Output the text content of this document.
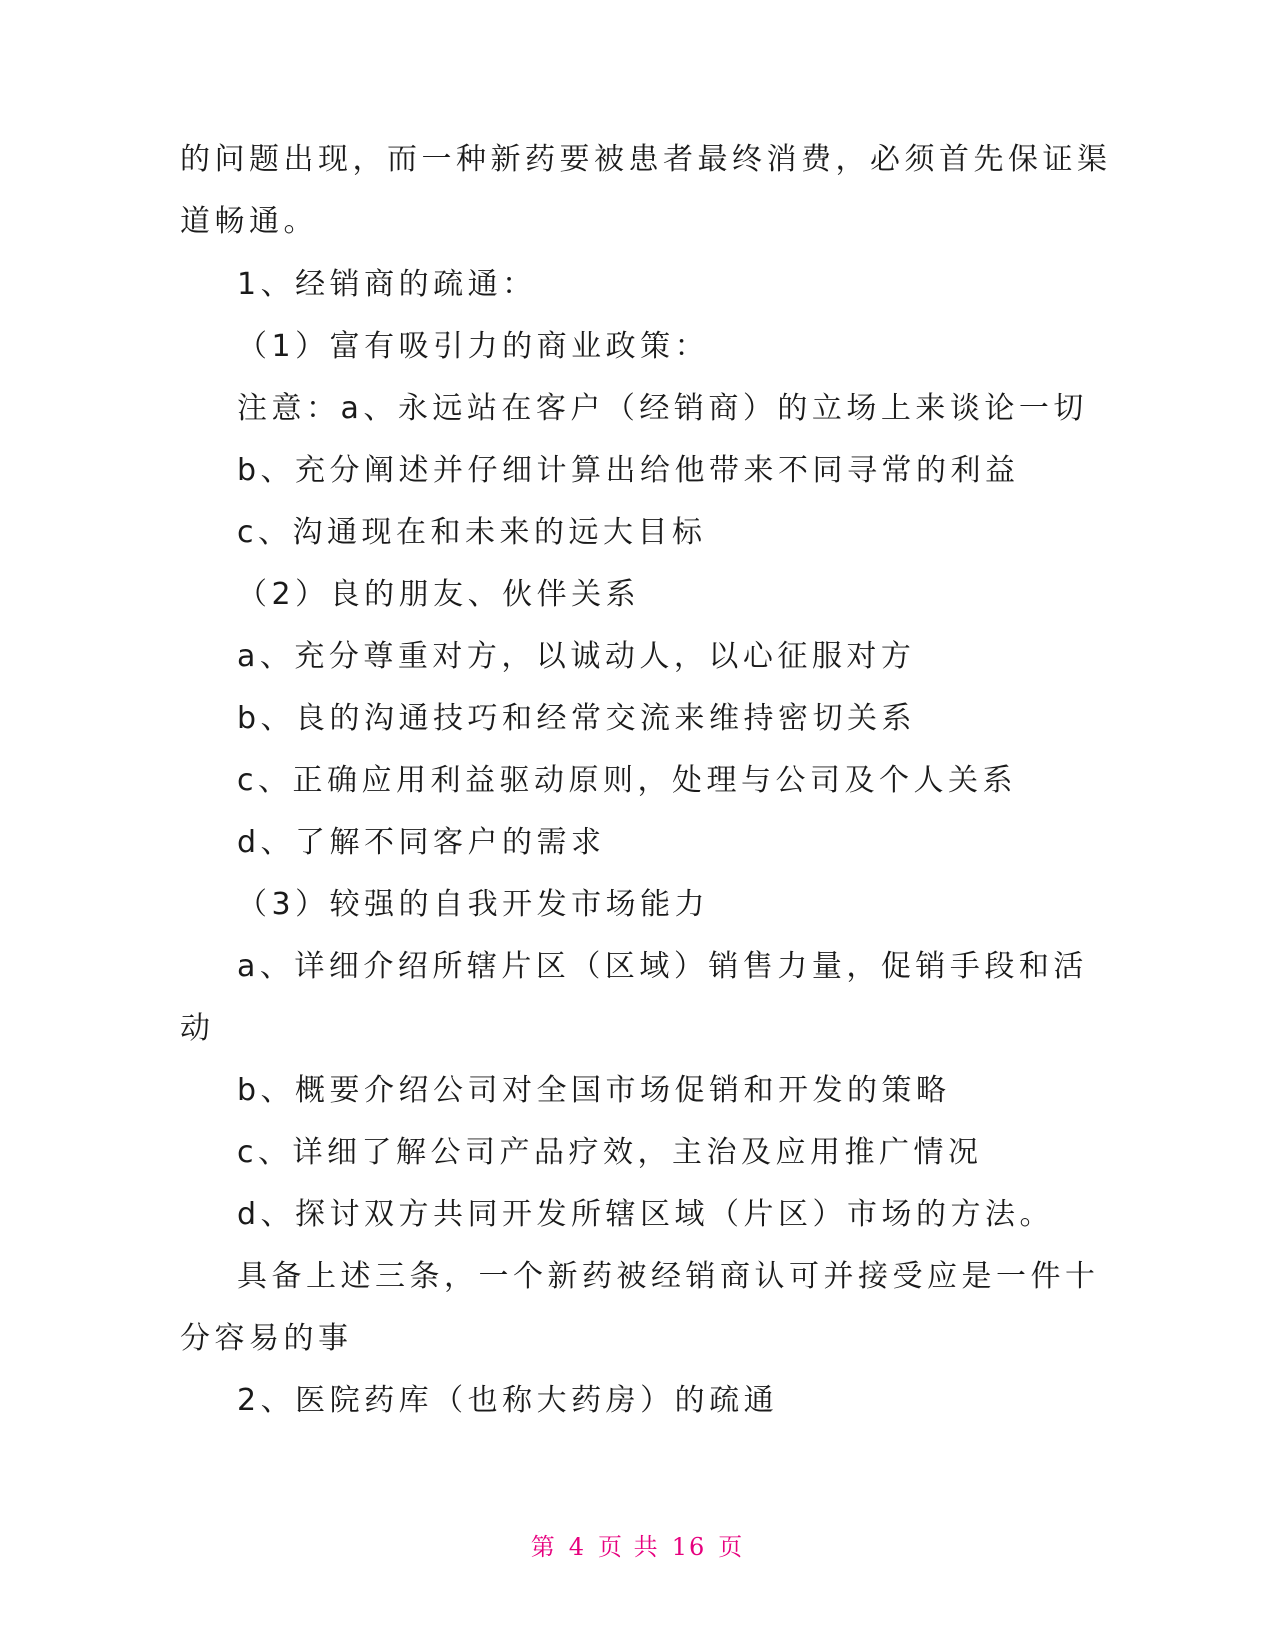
的问题出现，而一种新药要被患者最终消费，必须首先保证渠
道畅通。
1、经销商的疏通：
（1）富有吸引力的商业政策：
注意：a、永远站在客户（经销商）的立场上来谈论一切
b、充分阐述并仔细计算出给他带来不同寻常的利益
c、沟通现在和未来的远大目标
（2）良的朋友、伙伴关系
a、充分尊重对方，以诚动人，以心征服对方
b、良的沟通技巧和经常交流来维持密切关系
c、正确应用利益驱动原则，处理与公司及个人关系
d、了解不同客户的需求
（3）较强的自我开发市场能力
a、详细介绍所辖片区（区域）销售力量，促销手段和活
动
b、概要介绍公司对全国市场促销和开发的策略
c、详细了解公司产品疗效，主治及应用推广情况
d、探讨双方共同开发所辖区域（片区）市场的方法。
具备上述三条，一个新药被经销商认可并接受应是一件十
分容易的事
2、医院药库（也称大药房）的疏通
第 4 页 共 16 页
